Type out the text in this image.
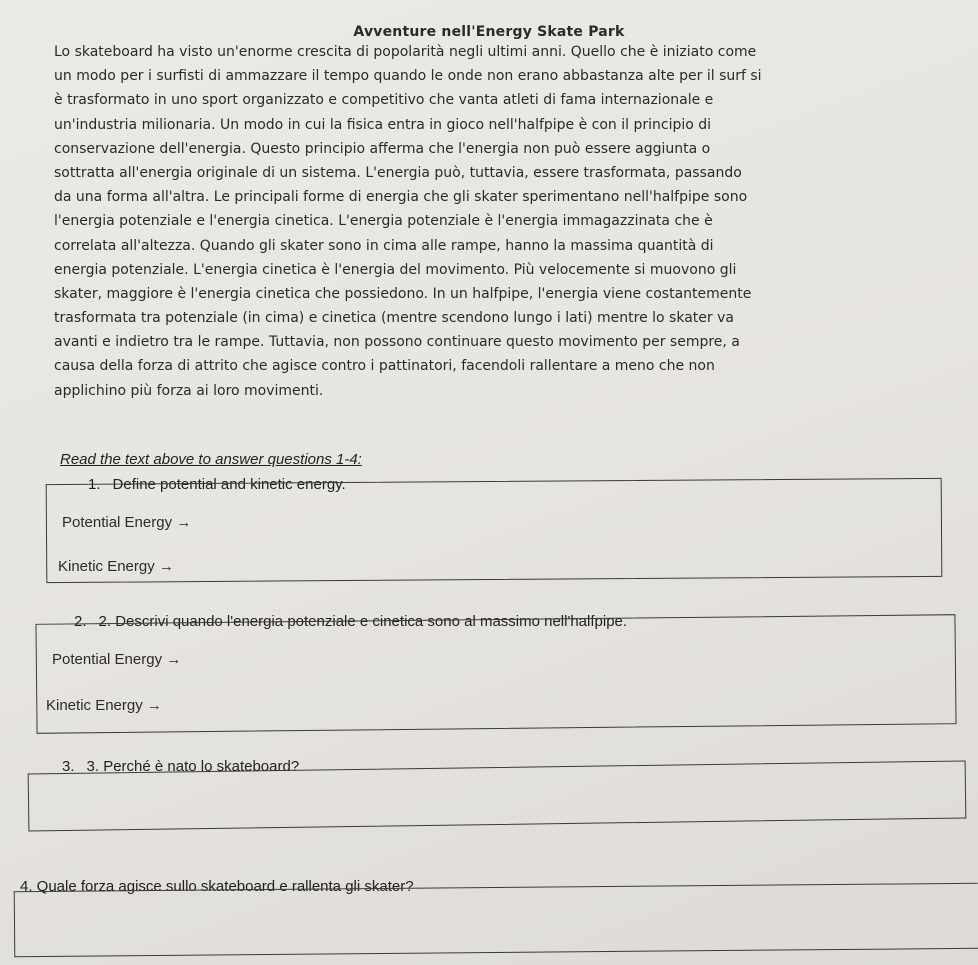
Avventure nell'Energy Skate Park
Lo skateboard ha visto un'enorme crescita di popolarità negli ultimi anni. Quello che è iniziato come
un modo per i surfisti di ammazzare il tempo quando le onde non erano abbastanza alte per il surf si
è trasformato in uno sport organizzato e competitivo che vanta atleti di fama internazionale e
un'industria milionaria. Un modo in cui la fisica entra in gioco nell'halfpipe è con il principio di
conservazione dell'energia. Questo principio afferma che l'energia non può essere aggiunta o
sottratta all'energia originale di un sistema. L'energia può, tuttavia, essere trasformata, passando
da una forma all'altra. Le principali forme di energia che gli skater sperimentano nell'halfpipe sono
l'energia potenziale e l'energia cinetica. L'energia potenziale è l'energia immagazzinata che è
correlata all'altezza. Quando gli skater sono in cima alle rampe, hanno la massima quantità di
energia potenziale. L'energia cinetica è l'energia del movimento. Più velocemente si muovono gli
skater, maggiore è l'energia cinetica che possiedono. In un halfpipe, l'energia viene costantemente
trasformata tra potenziale (in cima) e cinetica (mentre scendono lungo i lati) mentre lo skater va
avanti e indietro tra le rampe. Tuttavia, non possono continuare questo movimento per sempre, a
causa della forza di attrito che agisce contro i pattinatori, facendoli rallentare a meno che non
applichino più forza ai loro movimenti.
Read the text above to answer questions 1-4:
1. Define potential and kinetic energy.
Potential Energy →
Kinetic Energy →
2. 2. Descrivi quando l'energia potenziale e cinetica sono al massimo nell'halfpipe.
Potential Energy →
Kinetic Energy →
3. 3. Perché è nato lo skateboard?
4. Quale forza agisce sullo skateboard e rallenta gli skater?
